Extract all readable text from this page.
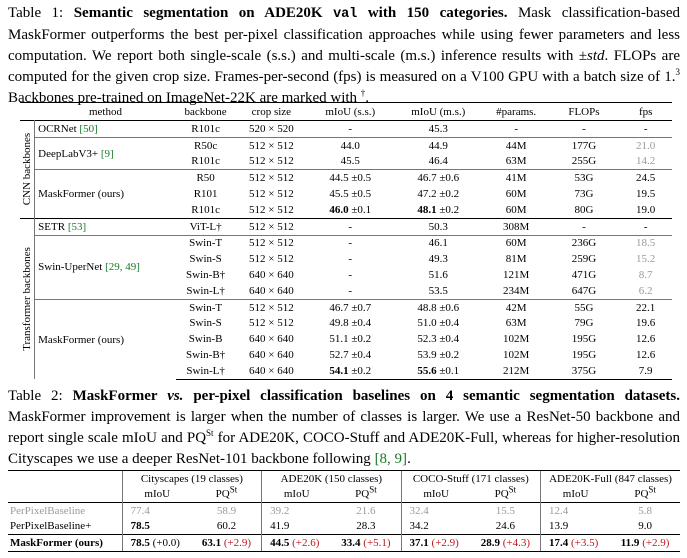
Table 1: Semantic segmentation on ADE20K val with 150 categories. Mask classification-based MaskFormer outperforms the best per-pixel classification approaches while using fewer parameters and less computation. We report both single-scale (s.s.) and multi-scale (m.s.) inference results with ±std. FLOPs are computed for the given crop size. Frames-per-second (fps) is measured on a V100 GPU with a batch size of 1.$^3$ Backbones pre-trained on ImageNet-22K are marked with †.
	method	backbone	crop size	mIoU (s.s.)	mIoU (m.s.)	#params.	FLOPs	fps

CNN backbones	OCRNet [50]	R101c	520 × 520	-	45.3	-	-	-
	DeepLabV3+ [9]	R50c	512 × 512	44.0	44.9	44M	177G	21.0
		R101c	512 × 512	45.5	46.4	63M	255G	14.2
	MaskFormer (ours)	R50	512 × 512	44.5 ±0.5	46.7 ±0.6	41M	53G	24.5
		R101	512 × 512	45.5 ±0.5	47.2 ±0.2	60M	73G	19.5
		R101c	512 × 512	46.0 ±0.1	48.1 ±0.2	60M	80G	19.0

Transformer backbones	SETR [53]	ViT-L†	512 × 512	-	50.3	308M	-	-
	Swin-UperNet [29, 49]	Swin-T	512 × 512	-	46.1	60M	236G	18.5
		Swin-S	512 × 512	-	49.3	81M	259G	15.2
		Swin-B†	640 × 640	-	51.6	121M	471G	8.7
		Swin-L†	640 × 640	-	53.5	234M	647G	6.2
	MaskFormer (ours)	Swin-T	512 × 512	46.7 ±0.7	48.8 ±0.6	42M	55G	22.1
		Swin-S	512 × 512	49.8 ±0.4	51.0 ±0.4	63M	79G	19.6
		Swin-B	640 × 640	51.1 ±0.2	52.3 ±0.4	102M	195G	12.6
		Swin-B†	640 × 640	52.7 ±0.4	53.9 ±0.2	102M	195G	12.6
		Swin-L†	640 × 640	54.1 ±0.2	55.6 ±0.1	212M	375G	7.9
Table 2: MaskFormer vs. per-pixel classification baselines on 4 semantic segmentation datasets. MaskFormer improvement is larger when the number of classes is larger. We use a ResNet-50 backbone and report single scale mIoU and $PQ^{St}$ for ADE20K, COCO-Stuff and ADE20K-Full, whereas for higher-resolution Cityscapes we use a deeper ResNet-101 backbone following [8, 9].
	Cityscapes (19 classes)		ADE20K (150 classes)		COCO-Stuff (171 classes)		ADE20K-Full (847 classes)	
	mIoU	$PQ^{St}$	mIoU	$PQ^{St}$	mIoU	$PQ^{St}$	mIoU	$PQ^{St}$
PerPixelBaseline	77.4	58.9	39.2	21.6	32.4	15.5	12.4	5.8
PerPixelBaseline+	78.5	60.2	41.9	28.3	34.2	24.6	13.9	9.0
MaskFormer (ours)	78.5 (+0.0)	63.1 (+2.9)	44.5 (+2.6)	33.4 (+5.1)	37.1 (+2.9)	28.9 (+4.3)	17.4 (+3.5)	11.9 (+2.9)
